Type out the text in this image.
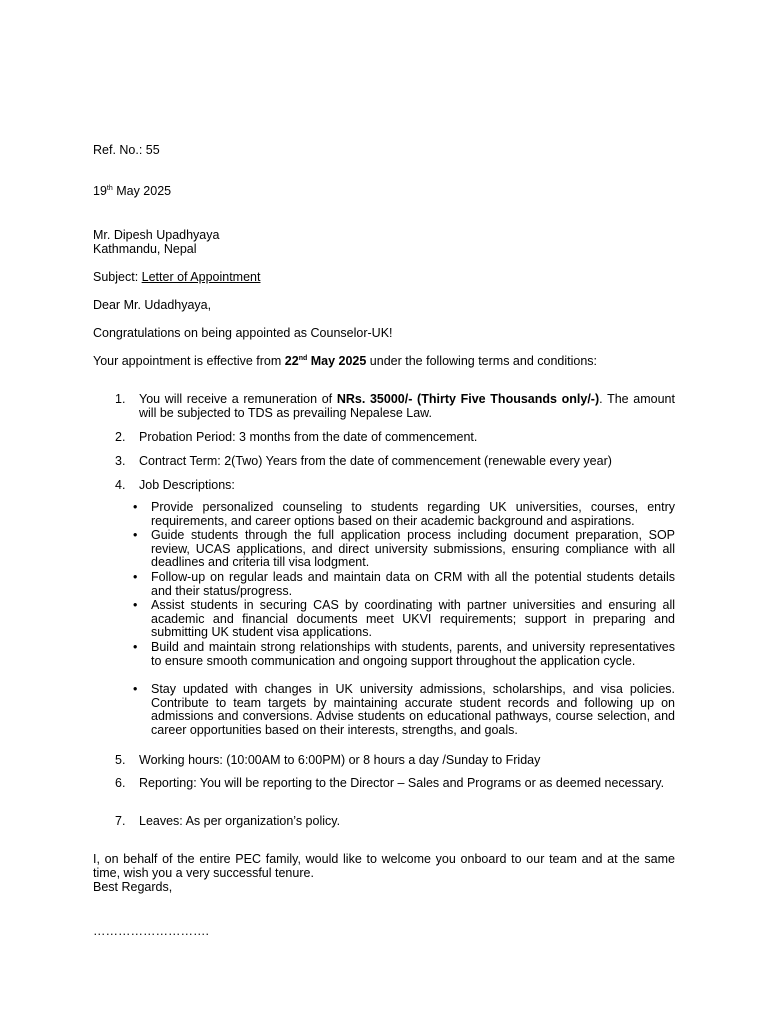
Ref. No.: 55
19th May 2025
Mr. Dipesh Upadhyaya
Kathmandu, Nepal
Subject: Letter of Appointment
Dear Mr. Udadhyaya,
Congratulations on being appointed as Counselor-UK!
Your appointment is effective from 22nd May 2025 under the following terms and conditions:
1. You will receive a remuneration of NRs. 35000/- (Thirty Five Thousands only/-). The amount will be subjected to TDS as prevailing Nepalese Law.
2. Probation Period: 3 months from the date of commencement.
3. Contract Term: 2(Two) Years from the date of commencement (renewable every year)
4. Job Descriptions:
• Provide personalized counseling to students regarding UK universities, courses, entry requirements, and career options based on their academic background and aspirations.
• Guide students through the full application process including document preparation, SOP review, UCAS applications, and direct university submissions, ensuring compliance with all deadlines and criteria till visa lodgment.
• Follow-up on regular leads and maintain data on CRM with all the potential students details and their status/progress.
• Assist students in securing CAS by coordinating with partner universities and ensuring all academic and financial documents meet UKVI requirements; support in preparing and submitting UK student visa applications.
• Build and maintain strong relationships with students, parents, and university representatives to ensure smooth communication and ongoing support throughout the application cycle.
• Stay updated with changes in UK university admissions, scholarships, and visa policies. Contribute to team targets by maintaining accurate student records and following up on admissions and conversions. Advise students on educational pathways, course selection, and career opportunities based on their interests, strengths, and goals.
5. Working hours: (10:00AM to 6:00PM) or 8 hours a day /Sunday to Friday
6. Reporting: You will be reporting to the Director – Sales and Programs or as deemed necessary.
7. Leaves: As per organization’s policy.
I, on behalf of the entire PEC family, would like to welcome you onboard to our team and at the same time, wish you a very successful tenure.
Best Regards,
……………………….
